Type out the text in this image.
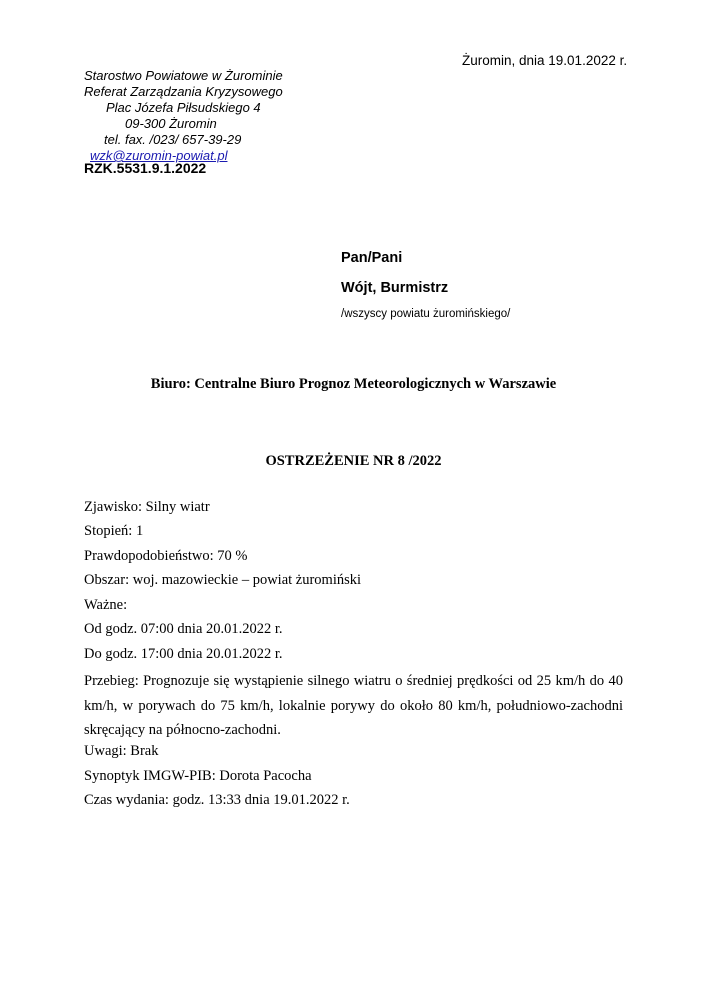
Żuromin, dnia 19.01.2022 r.
Starostwo Powiatowe w Żurominie
Referat Zarządzania Kryzysowego
Plac Józefa Piłsudskiego 4
09-300 Żuromin
tel. fax. /023/ 657-39-29
wzk@zuromin-powiat.pl
RZK.5531.9.1.2022
Pan/Pani
Wójt, Burmistrz
/wszyscy powiatu żuromińskiego/
Biuro: Centralne Biuro Prognoz Meteorologicznych w Warszawie
OSTRZEŻENIE NR 8 /2022
Zjawisko: Silny wiatr
Stopień: 1
Prawdopodobieństwo: 70 %
Obszar: woj. mazowieckie – powiat żuromiński
Ważne:
Od godz. 07:00 dnia 20.01.2022 r.
Do godz. 17:00 dnia 20.01.2022 r.
Przebieg: Prognozuje się wystąpienie silnego wiatru o średniej prędkości od 25 km/h do 40 km/h, w porywach do 75 km/h, lokalnie porywy do około 80 km/h, południowo-zachodni skręcający na północno-zachodni.
Uwagi: Brak
Synoptyk IMGW-PIB: Dorota Pacocha
Czas wydania: godz. 13:33 dnia 19.01.2022 r.
